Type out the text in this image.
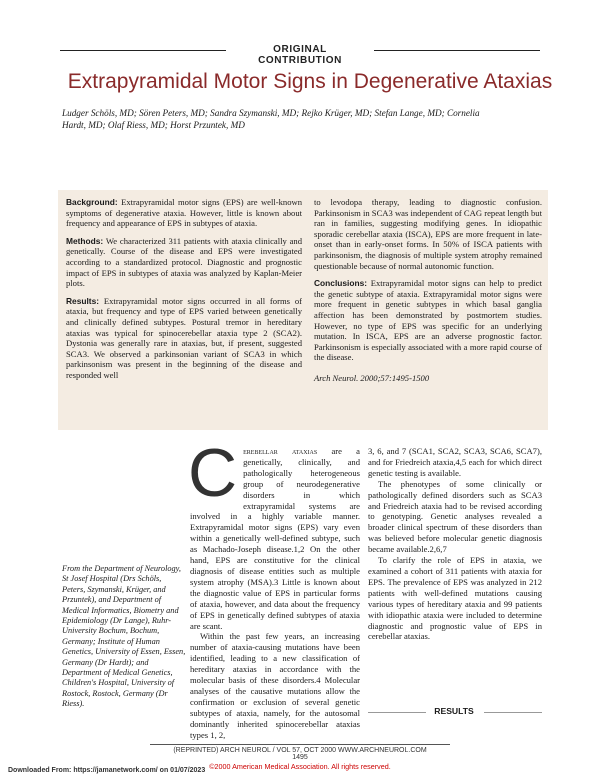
ORIGINAL CONTRIBUTION
Extrapyramidal Motor Signs in Degenerative Ataxias
Ludger Schöls, MD; Sören Peters, MD; Sandra Szymanski, MD; Rejko Krüger, MD; Stefan Lange, MD; Cornelia Hardt, MD; Olaf Riess, MD; Horst Przuntek, MD

Background: Extrapyramidal motor signs (EPS) are well-known symptoms of degenerative ataxia. However, little is known about frequency and appearance of EPS in subtypes of ataxia.

Methods: We characterized 311 patients with ataxia clinically and genetically. Course of the disease and EPS were investigated according to a standardized protocol. Diagnostic and prognostic impact of EPS in subtypes of ataxia was analyzed by Kaplan-Meier plots.

Results: Extrapyramidal motor signs occurred in all forms of ataxia, but frequency and type of EPS varied between genetically and clinically defined subtypes. Postural tremor in hereditary ataxias was typical for spinocerebellar ataxia type 2 (SCA2). Dystonia was generally rare in ataxias, but, if present, suggested SCA3. We observed a parkinsonian variant of SCA3 in which parkinsonism was present in the beginning of the disease and responded well

to levodopa therapy, leading to diagnostic confusion. Parkinsonism in SCA3 was independent of CAG repeat length but ran in families, suggesting modifying genes. In idiopathic sporadic cerebellar ataxia (ISCA), EPS are more frequent in late-onset than in early-onset forms. In 50% of ISCA patients with parkinsonism, the diagnosis of multiple system atrophy remained questionable because of normal autonomic function.

Conclusions: Extrapyramidal motor signs can help to predict the genetic subtype of ataxia. Extrapyramidal motor signs were more frequent in genetic subtypes in which basal ganglia affection has been demonstrated by postmortem studies. However, no type of EPS was specific for an underlying mutation. In ISCA, EPS are an adverse prognostic factor. Parkinsonism is especially associated with a more rapid course of the disease.

Arch Neurol. 2000;57:1495-1500

From the Department of Neurology, St Josef Hospital (Drs Schöls, Peters, Szymanski, Krüger, and Przuntek), and Department of Medical Informatics, Biometry and Epidemiology (Dr Lange), Ruhr-University Bochum, Bochum, Germany; Institute of Human Genetics, University of Essen, Essen, Germany (Dr Hardt); and Department of Medical Genetics, Children's Hospital, University of Rostock, Rostock, Germany (Dr Riess).

Cerebellar ataxias are a genetically, clinically, and pathologically heterogeneous group of neurodegenerative disorders in which extrapyramidal systems are involved in a highly variable manner. Extrapyramidal motor signs (EPS) vary even within a genetically well-defined subtype, such as Machado-Joseph disease.1,2 On the other hand, EPS are constitutive for the clinical diagnosis of disease entities such as multiple system atrophy (MSA).3 Little is known about the diagnostic value of EPS in particular forms of ataxia, however, and data about the frequency of EPS in genetically defined subtypes of ataxia are scant.

Within the past few years, an increasing number of ataxia-causing mutations have been identified, leading to a new classification of hereditary ataxias in accordance with the molecular basis of these disorders.4 Molecular analyses of the causative mutations allow the confirmation or exclusion of several genetic subtypes of ataxia, namely, for the autosomal dominantly inherited spinocerebellar ataxias types 1, 2,

3, 6, and 7 (SCA1, SCA2, SCA3, SCA6, SCA7), and for Friedreich ataxia,4,5 each for which direct genetic testing is available.

The phenotypes of some clinically or pathologically defined disorders such as SCA3 and Friedreich ataxia had to be revised according to genotyping. Genetic analyses revealed a broader clinical spectrum of these disorders than was believed before molecular genetic diagnosis became available.2,6,7

To clarify the role of EPS in ataxia, we examined a cohort of 311 patients with ataxia for EPS. The prevalence of EPS was analyzed in 212 patients with well-defined mutations causing various types of hereditary ataxia and 99 patients with idiopathic ataxia were included to determine diagnostic and prognostic value of EPS in cerebellar ataxias.

RESULTS
(REPRINTED) ARCH NEUROL / VOL 57, OCT 2000 WWW.ARCHNEUROL.COM
1495
©2000 American Medical Association. All rights reserved.
Downloaded From: https://jamanetwork.com/ on 01/07/2023
